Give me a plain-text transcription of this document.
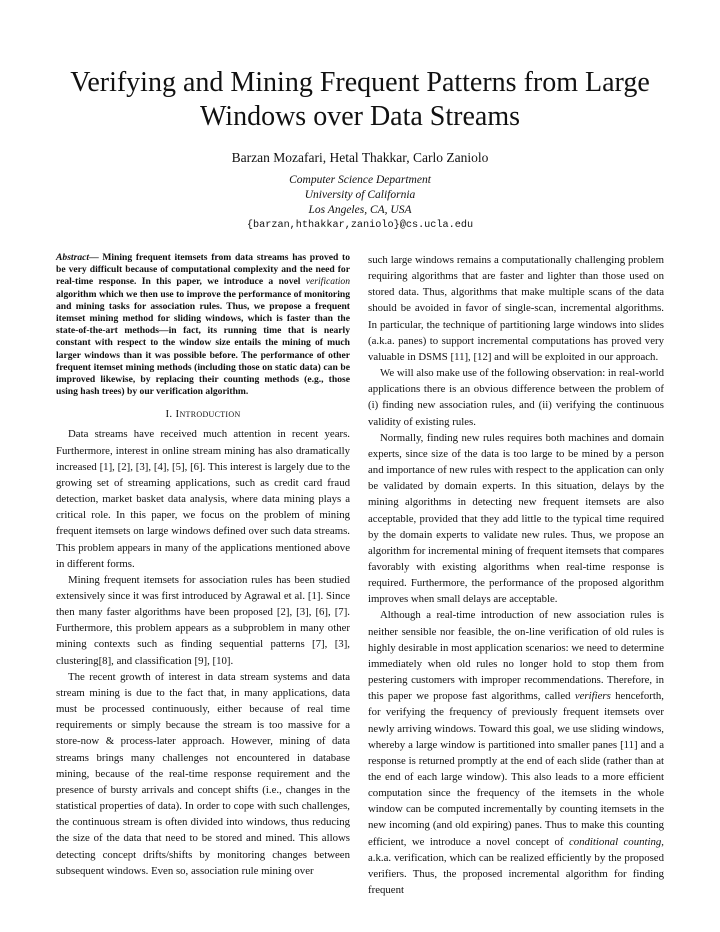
Verifying and Mining Frequent Patterns from Large Windows over Data Streams
Barzan Mozafari, Hetal Thakkar, Carlo Zaniolo
Computer Science Department
University of California
Los Angeles, CA, USA
{barzan,hthakkar,zaniolo}@cs.ucla.edu

Abstract— Mining frequent itemsets from data streams has proved to be very difficult because of computational complexity and the need for real-time response. In this paper, we introduce a novel verification algorithm which we then use to improve the performance of monitoring and mining tasks for association rules. Thus, we propose a frequent itemset mining method for sliding windows, which is faster than the state-of-the-art methods—in fact, its running time that is nearly constant with respect to the window size entails the mining of much larger windows than it was possible before. The performance of other frequent itemset mining methods (including those on static data) can be improved likewise, by replacing their counting methods (e.g., those using hash trees) by our verification algorithm.

I. Introduction

Data streams have received much attention in recent years. Furthermore, interest in online stream mining has also dramatically increased [1], [2], [3], [4], [5], [6]. This interest is largely due to the growing set of streaming applications, such as credit card fraud detection, market basket data analysis, where data mining plays a critical role. In this paper, we focus on the problem of mining frequent itemsets on large windows defined over such data streams. This problem appears in many of the applications mentioned above in different forms.

Mining frequent itemsets for association rules has been studied extensively since it was first introduced by Agrawal et al. [1]. Since then many faster algorithms have been proposed [2], [3], [6], [7]. Furthermore, this problem appears as a subproblem in many other mining contexts such as finding sequential patterns [7], [3], clustering[8], and classification [9], [10].

The recent growth of interest in data stream systems and data stream mining is due to the fact that, in many applications, data must be processed continuously, either because of real time requirements or simply because the stream is too massive for a store-now & process-later approach. However, mining of data streams brings many challenges not encountered in database mining, because of the real-time response requirement and the presence of bursty arrivals and concept shifts (i.e., changes in the statistical properties of data). In order to cope with such challenges, the continuous stream is often divided into windows, thus reducing the size of the data that need to be stored and mined. This allows detecting concept drifts/shifts by monitoring changes between subsequent windows. Even so, association rule mining over

such large windows remains a computationally challenging problem requiring algorithms that are faster and lighter than those used on stored data. Thus, algorithms that make multiple scans of the data should be avoided in favor of single-scan, incremental algorithms. In particular, the technique of partitioning large windows into slides (a.k.a. panes) to support incremental computations has proved very valuable in DSMS [11], [12] and will be exploited in our approach.

We will also make use of the following observation: in real-world applications there is an obvious difference between the problem of (i) finding new association rules, and (ii) verifying the continuous validity of existing rules.

Normally, finding new rules requires both machines and domain experts, since size of the data is too large to be mined by a person and importance of new rules with respect to the application can only be validated by domain experts. In this situation, delays by the mining algorithms in detecting new frequent itemsets are also acceptable, provided that they add little to the typical time required by the domain experts to validate new rules. Thus, we propose an algorithm for incremental mining of frequent itemsets that compares favorably with existing algorithms when real-time response is required. Furthermore, the performance of the proposed algorithm improves when small delays are acceptable.

Although a real-time introduction of new association rules is neither sensible nor feasible, the on-line verification of old rules is highly desirable in most application scenarios: we need to determine immediately when old rules no longer hold to stop them from pestering customers with improper recommendations. Therefore, in this paper we propose fast algorithms, called verifiers henceforth, for verifying the frequency of previously frequent itemsets over newly arriving windows. Toward this goal, we use sliding windows, whereby a large window is partitioned into smaller panes [11] and a response is returned promptly at the end of each slide (rather than at the end of each large window). This also leads to a more efficient computation since the frequency of the itemsets in the whole window can be computed incrementally by counting itemsets in the new incoming (and old expiring) panes. Thus to make this counting efficient, we introduce a novel concept of conditional counting, a.k.a. verification, which can be realized efficiently by the proposed verifiers. Thus, the proposed incremental algorithm for finding frequent
